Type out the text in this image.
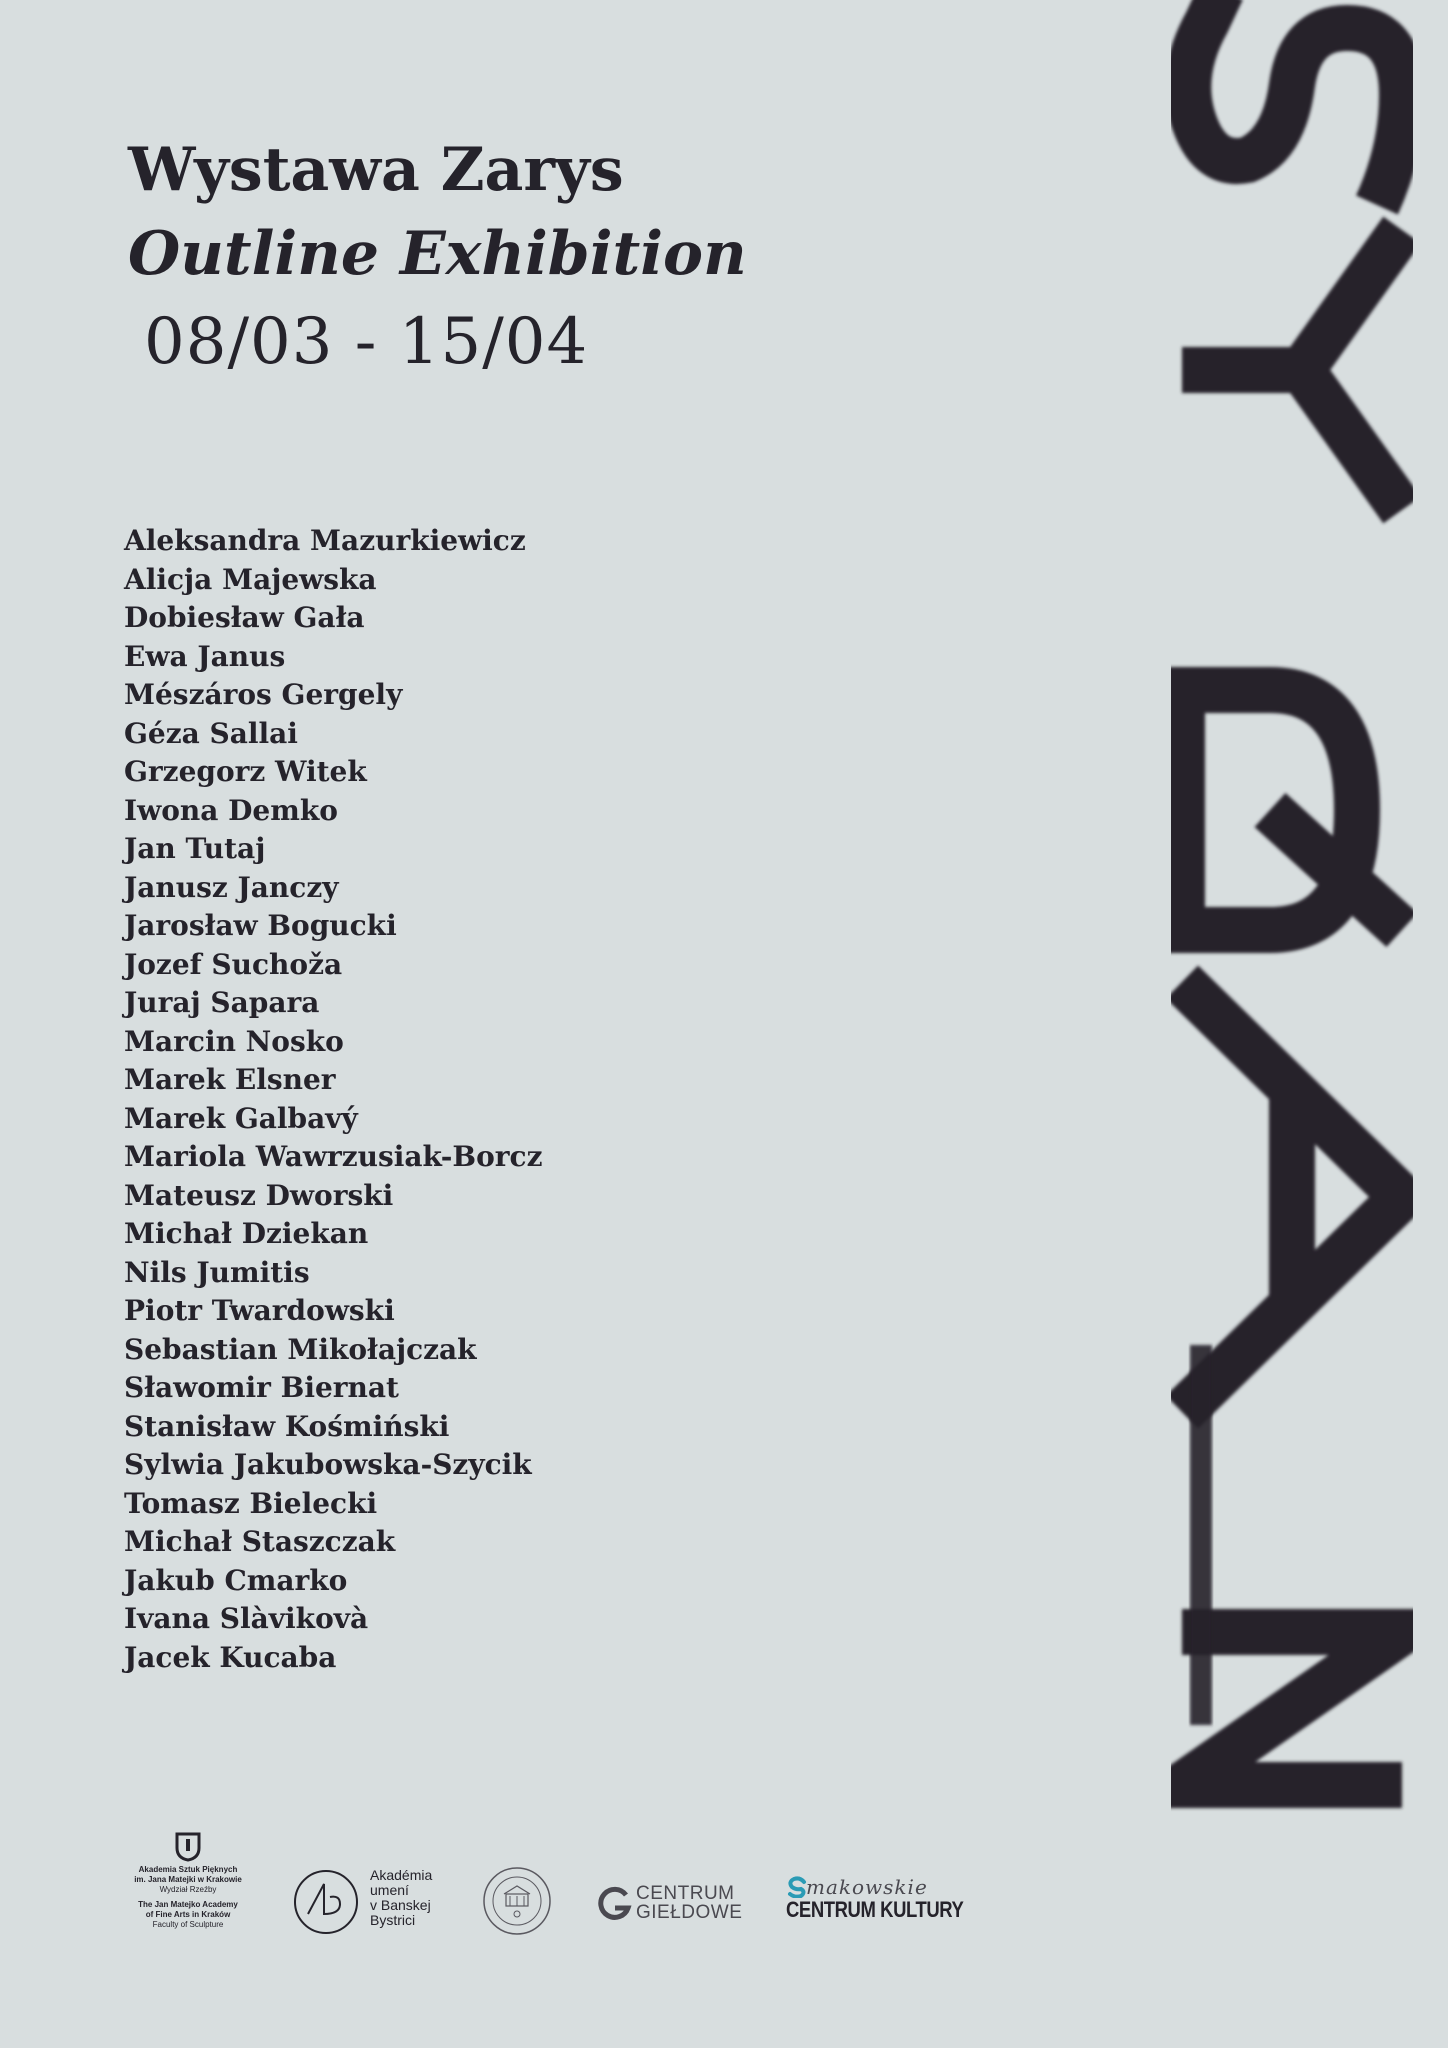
Wystawa Zarys
Outline Exhibition

08/03 - 15/04

Aleksandra Mazurkiewicz
Alicja Majewska
Dobiesław Gała
Ewa Janus
Mészáros Gergely
Géza Sallai
Grzegorz Witek
Iwona Demko
Jan Tutaj
Janusz Janczy
Jarosław Bogucki
Jozef Suchoža
Juraj Sapara
Marcin Nosko
Marek Elsner
Marek Galbavý
Mariola Wawrzusiak-Borcz
Mateusz Dworski
Michał Dziekan
Nils Jumitis
Piotr Twardowski
Sebastian Mikołajczak
Sławomir Biernat
Stanisław Kośmiński
Sylwia Jakubowska-Szycik
Tomasz Bielecki
Michał Staszczak
Jakub Cmarko
Ivana Slàvikovà
Jacek Kucaba
Akademia Sztuk Pięknych
im. Jana Matejki w Krakowie
Wydział Rzeźby
The Jan Matejko Academy
of Fine Arts in Kraków
Faculty of Sculpture
Akadémia
umení
v Banskej
Bystrici
CENTRUM
GIEŁDOWE
makowskie
CENTRUM KULTURY
